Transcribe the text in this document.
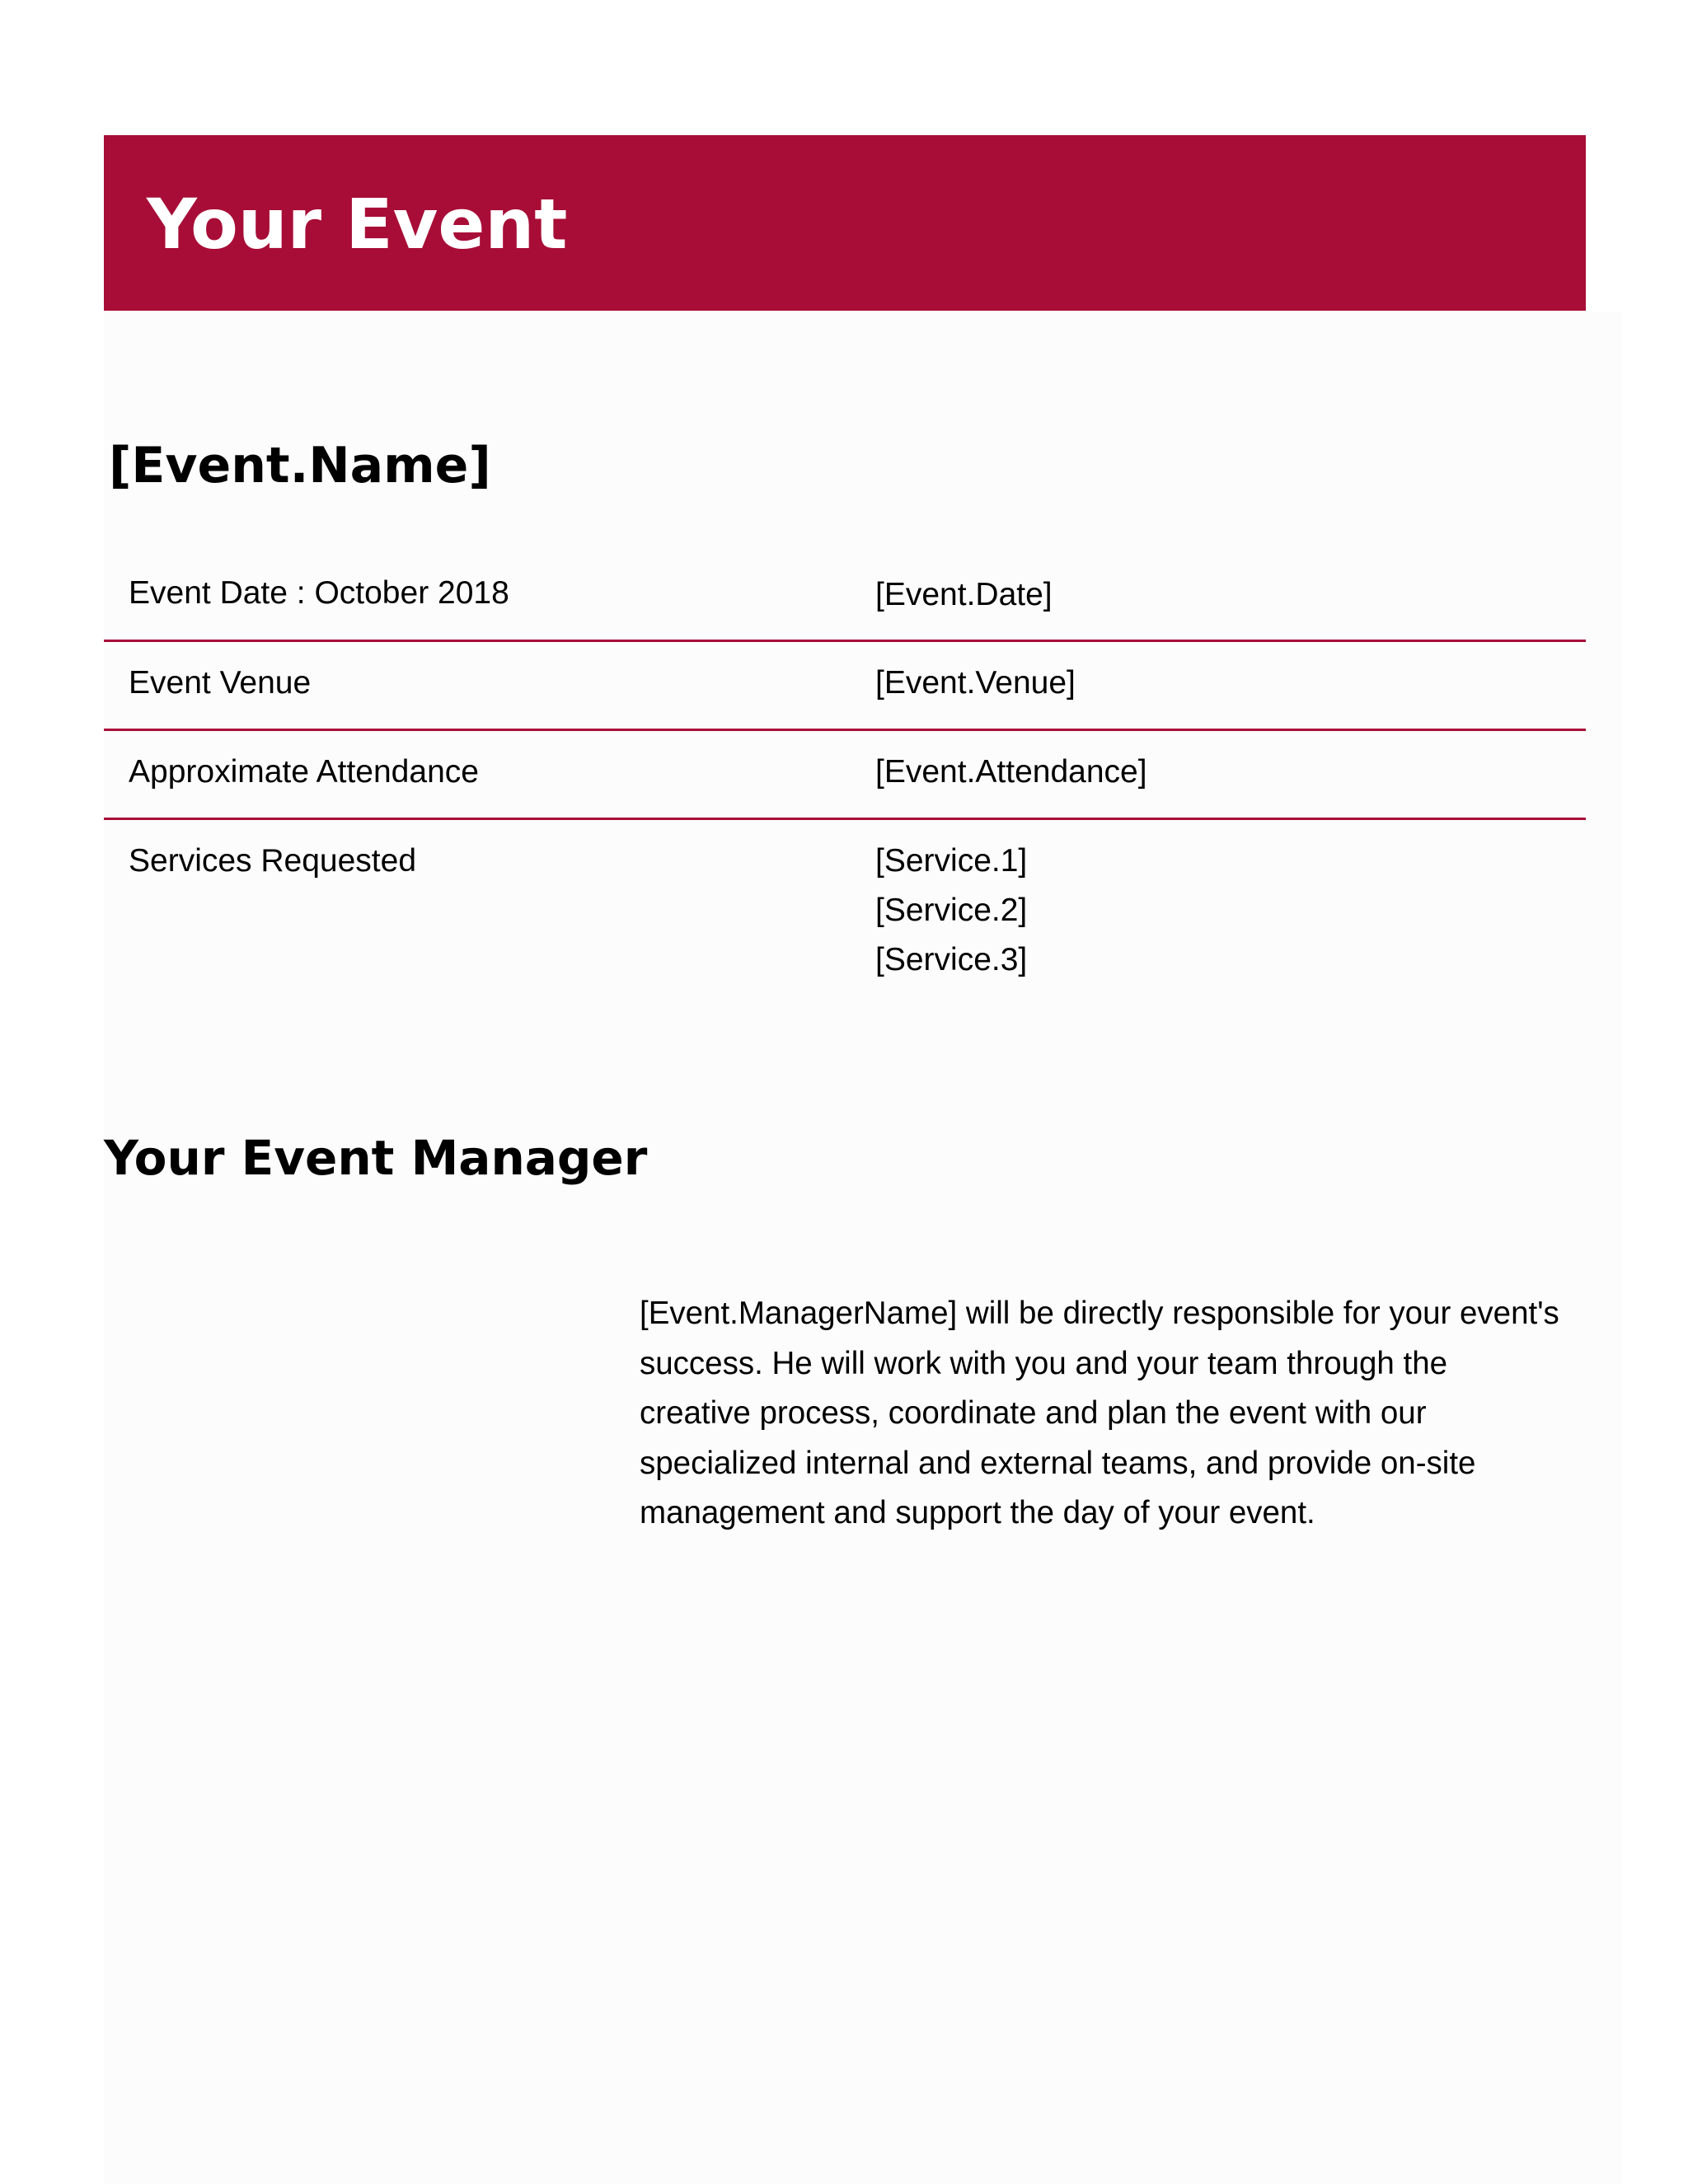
Your Event
[Event.Name]
Event Date : October 2018	[Event.Date]
Event Venue	[Event.Venue]
Approximate Attendance	[Event.Attendance]
Services Requested	[Service.1]
[Service.2]
[Service.3]
Your Event Manager

[Event.ManagerName] will be directly responsible for your event's success. He will work with you and your team through the creative process, coordinate and plan the event with our specialized internal and external teams, and provide on-site management and support the day of your event.
